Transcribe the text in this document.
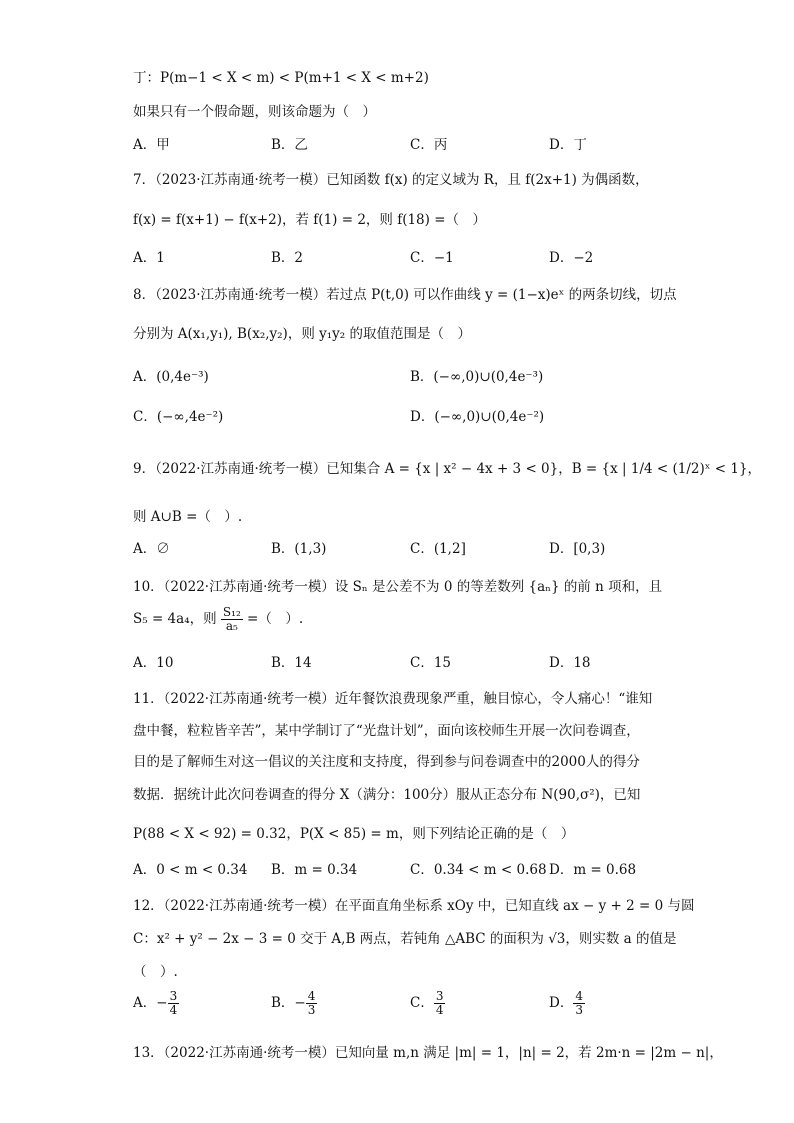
丁：P(m−1 < X < m) < P(m+1 < X < m+2)
如果只有一个假命题，则该命题为（　）
A．甲	B．乙	C．丙	D．丁
7．（2023·江苏南通·统考一模）已知函数 f(x) 的定义域为 R，且 f(2x+1) 为偶函数，
f(x) = f(x+1) − f(x+2)，若 f(1) = 2，则 f(18) =（　）
A．1	B．2	C．−1	D．−2
8．（2023·江苏南通·统考一模）若过点 P(t,0) 可以作曲线 y = (1−x)eˣ 的两条切线，切点
分别为 A(x₁,y₁), B(x₂,y₂)，则 y₁y₂ 的取值范围是（　）
A．(0,4e⁻³)	B．(−∞,0)∪(0,4e⁻³)
C．(−∞,4e⁻²)	D．(−∞,0)∪(0,4e⁻²)
9．（2022·江苏南通·统考一模）已知集合 A = {x | x² − 4x + 3 < 0}，B = {x | 1/4 < (1/2)ˣ < 1}，
则 A∪B =（　）.
A．∅	B．(1,3)	C．(1,2]	D．[0,3)
10．（2022·江苏南通·统考一模）设 Sₙ 是公差不为 0 的等差数列 {aₙ} 的前 n 项和，且
S₅ = 4a₄，则 $\frac{\text{S₁₂}}{\text{a₅}}$ =（　）.
A．10	B．14	C．15	D．18
11．（2022·江苏南通·统考一模）近年餐饮浪费现象严重，触目惊心，令人痛心！“谁知
盘中餐，粒粒皆辛苦”，某中学制订了“光盘计划”，面向该校师生开展一次问卷调查，
目的是了解师生对这一倡议的关注度和支持度，得到参与问卷调查中的2000人的得分
数据．据统计此次问卷调查的得分 X（满分：100分）服从正态分布 N(90,σ²)，已知
P(88 < X < 92) = 0.32，P(X < 85) = m，则下列结论正确的是（　）
A．0 < m < 0.34 B．m = 0.34	C．0.34 < m < 0.68 D．m = 0.68
12．（2022·江苏南通·统考一模）在平面直角坐标系 xOy 中，已知直线 ax − y + 2 = 0 与圆
C：x² + y² − 2x − 3 = 0 交于 A,B 两点，若钝角 △ABC 的面积为 √3，则实数 a 的值是
（　）.
A．− $\frac{3}{4}$	B．− $\frac{4}{3}$	C． $\frac{3}{4}$	D． $\frac{4}{3}$
13．（2022·江苏南通·统考一模）已知向量 m,n 满足 |m| = 1，|n| = 2，若 2m·n = |2m − n|，
